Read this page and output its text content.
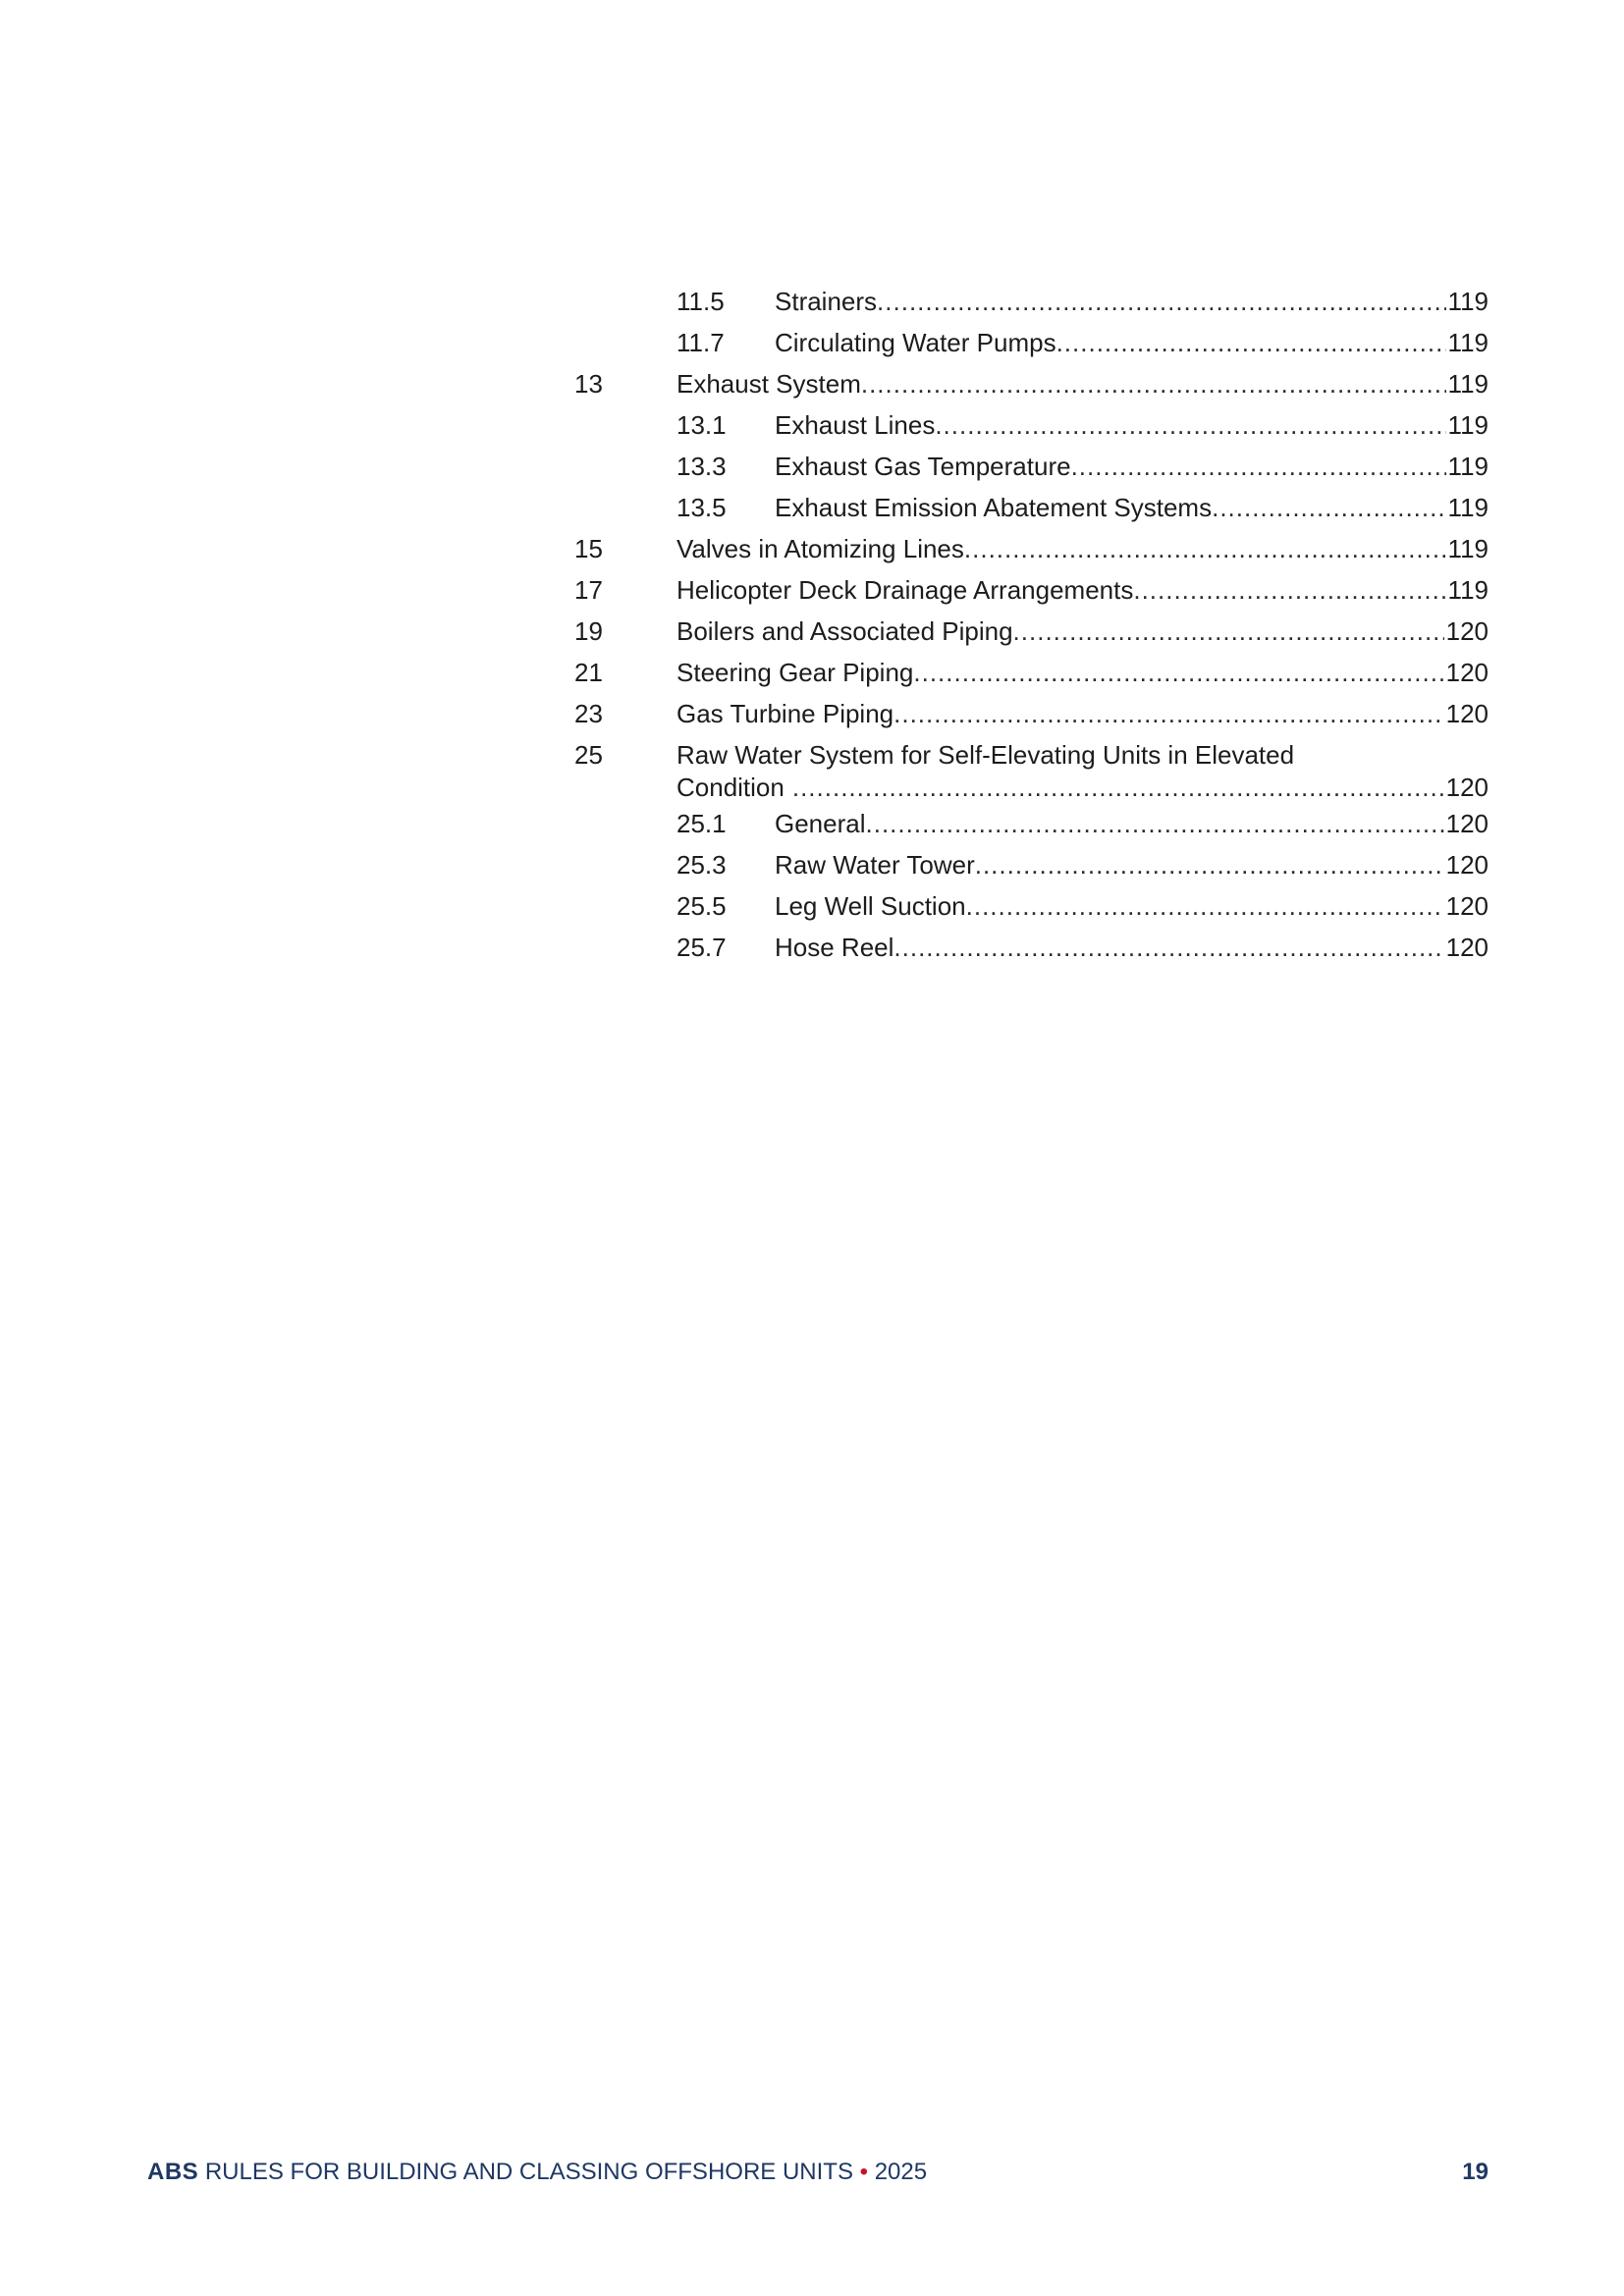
11.5 Strainers .....	119
11.7 Circulating Water Pumps .....	119
13	Exhaust System .....	119
13.1 Exhaust Lines .....	119
13.3 Exhaust Gas Temperature .....	119
13.5 Exhaust Emission Abatement Systems .....	119
15	Valves in Atomizing Lines .....	119
17	Helicopter Deck Drainage Arrangements .....	119
19	Boilers and Associated Piping .....	120
21	Steering Gear Piping .....	120
23	Gas Turbine Piping .....	120
25	Raw Water System for Self-Elevating Units in Elevated
Condition .....	120
25.1 General .....	120
25.3 Raw Water Tower .....	120
25.5 Leg Well Suction .....	120
25.7 Hose Reel .....	120
ABS RULES FOR BUILDING AND CLASSING OFFSHORE UNITS • 2025	19
